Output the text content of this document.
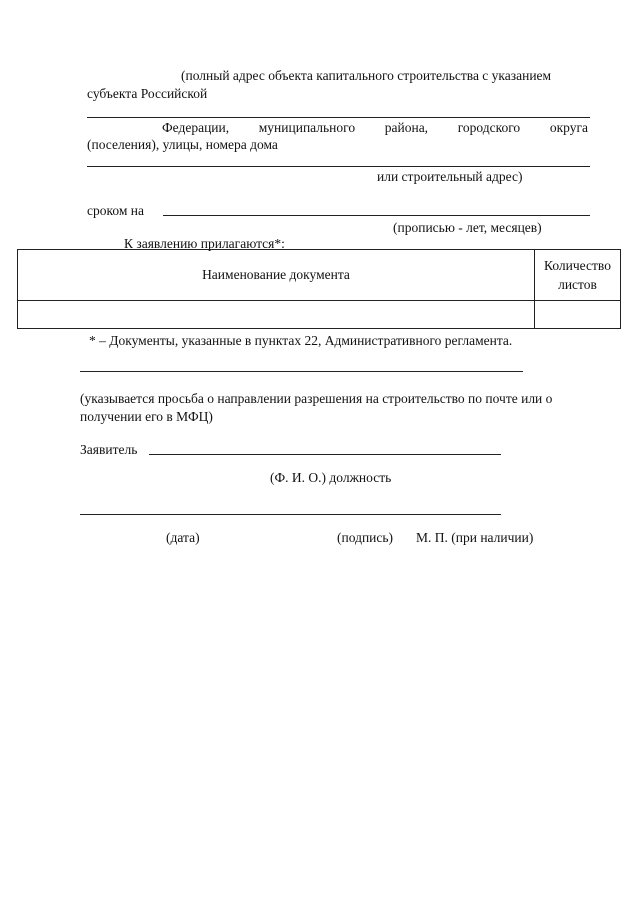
(полный адрес объекта капитального строительства с указанием
субъекта Российской
Федерации, муниципального района, городского округа
(поселения), улицы, номера дома
или строительный адрес)
сроком на
(прописью - лет, месяцев)
К заявлению прилагаются*:
Наименование документа	Количество
листов

* – Документы, указанные в пунктах 22, Административного регламента.
(указывается просьба о направлении разрешения на строительство по почте или о
получении его в МФЦ)
Заявитель
(Ф. И. О.) должность
(дата)	(подпись) М. П. (при наличии)
